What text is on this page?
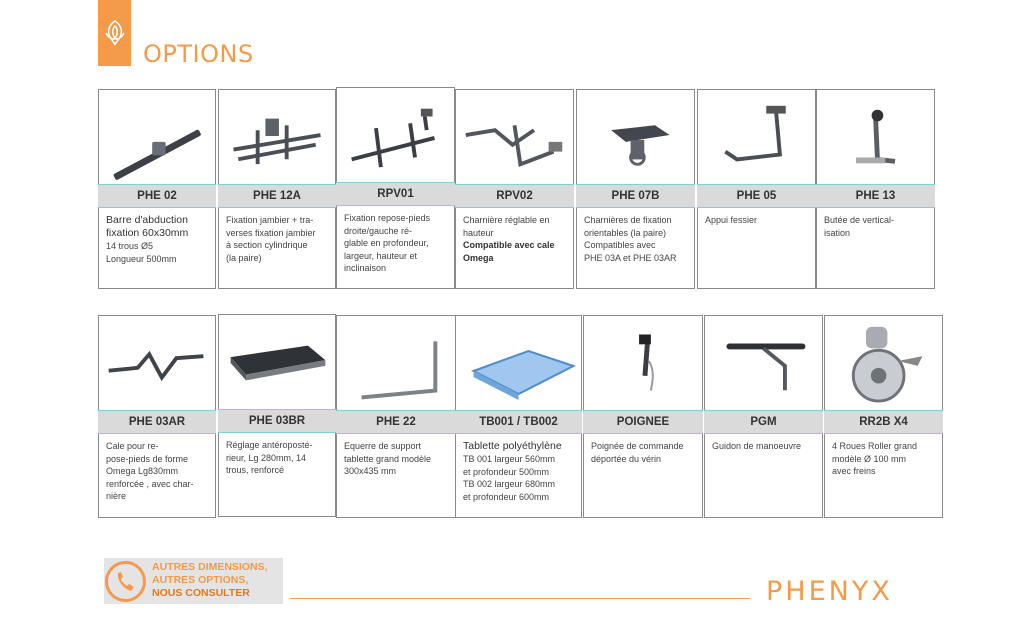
OPTIONS
PHE 02
Barre d'abduction
fixation 60x30mm
14 trous Ø5
Longueur 500mm
PHE 12A
Fixation jambier + tra-
verses fixation jambier
à section cylindrique
(la paire)
RPV01
Fixation repose-pieds
droite/gauche ré-
glable en profondeur,
largeur, hauteur et
inclinaison
RPV02
Charnière réglable en
hauteur
Compatible avec cale
Omega
PHE 07B
Charnières de fixation
orientables (la paire)
Compatibles avec
PHE 03A et PHE 03AR
PHE 05
Appui fessier
PHE 13
Butée de vertical-
isation
PHE 03AR
Cale pour re-
pose-pieds de forme
Omega Lg830mm
renforcée , avec char-
nière
PHE 03BR
Réglage antéroposté-
rieur, Lg 280mm, 14
trous, renforcé
PHE 22
Equerre de support
tablette grand modèle
300x435 mm
TB001 / TB002
Tablette polyéthylène
TB 001 largeur 560mm
et profondeur 500mm
TB 002 largeur 680mm
et profondeur 600mm
POIGNEE
Poignée de commande
déportée du vérin
PGM
Guidon de manoeuvre
RR2B X4
4 Roues Roller grand
modèle Ø 100 mm
avec freins
AUTRES DIMENSIONS,
AUTRES OPTIONS,
NOUS CONSULTER	PHENYX
